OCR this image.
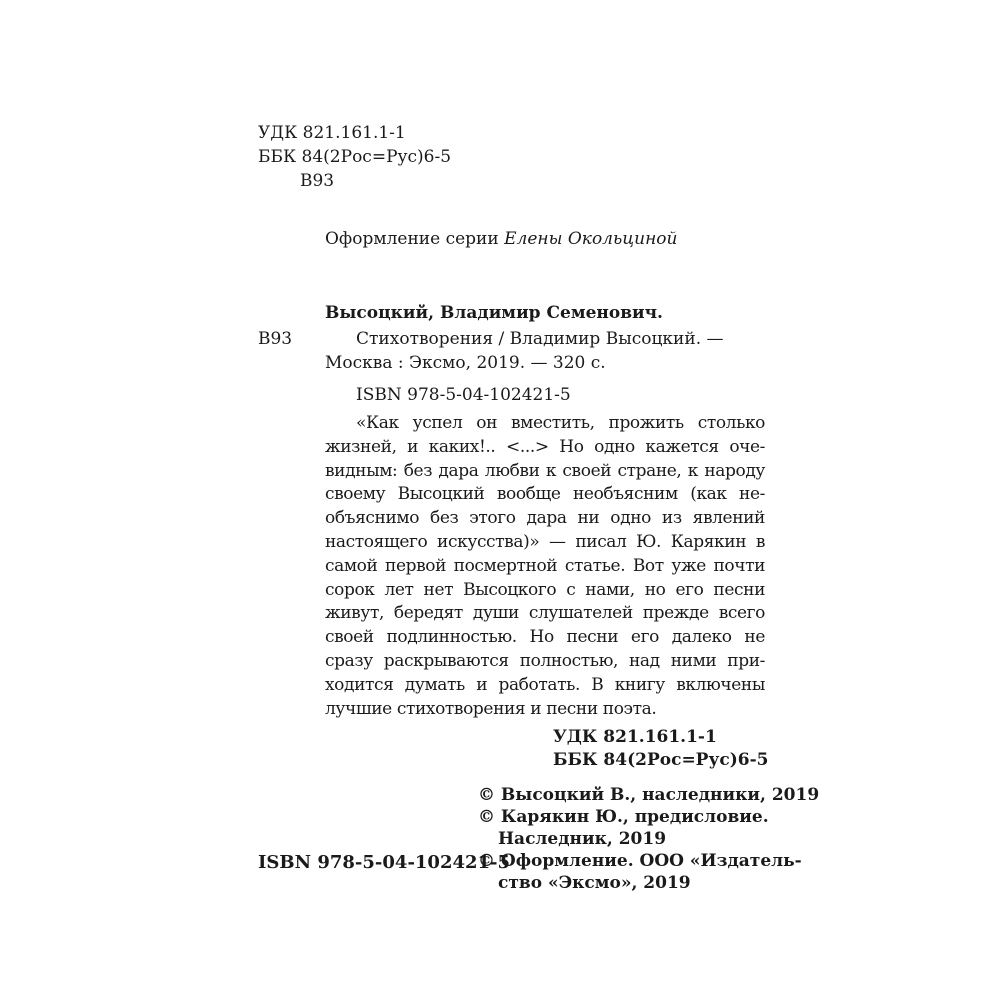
УДК 821.161.1-1
ББК 84(2Рос=Рус)6-5
В93
Оформление серии Елены Окольциной
Высоцкий, Владимир Семенович.
В93	Стихотворения / Владимир Высоцкий. —
Москва : Эксмо, 2019. — 320 с.
ISBN 978-5-04-102421-5
«Как успел он вместить, прожить столько
жизней, и каких!.. <...> Но одно кажется оче-
видным: без дара любви к своей стране, к народу
своему Высоцкий вообще необъясним (как не-
объяснимо без этого дара ни одно из явлений
настоящего искусства)» — писал Ю. Карякин в
самой первой посмертной статье. Вот уже почти
сорок лет нет Высоцкого с нами, но его песни
живут, бередят души слушателей прежде всего
своей подлинностью. Но песни его далеко не
сразу раскрываются полностью, над ними при-
ходится думать и работать. В книгу включены
лучшие стихотворения и песни поэта.
УДК 821.161.1-1
ББК 84(2Рос=Рус)6-5
© Высоцкий В., наследники, 2019
© Карякин Ю., предисловие.
Наследник, 2019
© Оформление. ООО «Издатель-
ство «Эксмо», 2019
ISBN 978-5-04-102421-5
